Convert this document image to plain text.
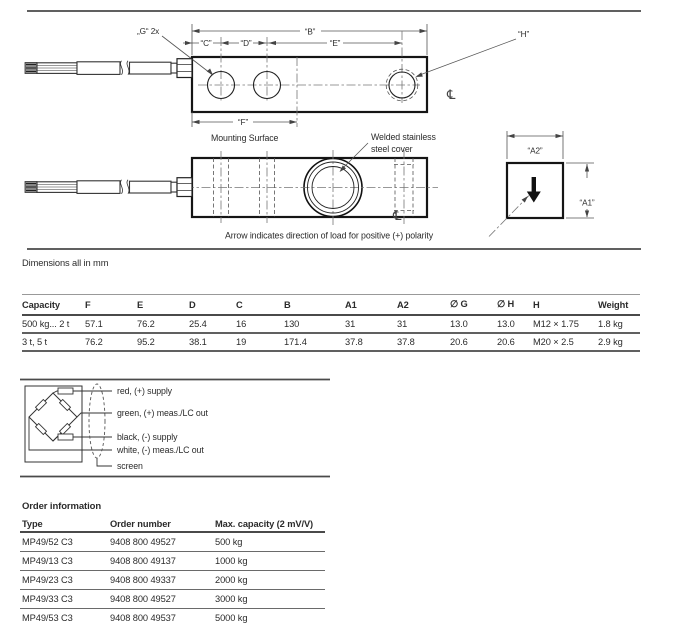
“B”
“C”	“D”	“E”
„G“ 2x	“H”
℄
“F”
Mounting Surface	Welded stainless
steel cover
℄
Arrow indicates direction of load for positive (+) polarity
“A2”
“A1”
Dimensions all in mm
Capacity	F	E	D	C	B	A1	A2	∅ G	∅ H	H	Weight
500 kg... 2 t	57.1	76.2	25.4	16	130	31	31	13.0	13.0	M12 × 1.75	1.8 kg
3 t, 5 t	76.2	95.2	38.1	19	171.4	37.8	37.8	20.6	20.6	M20 × 2.5	2.9 kg
red, (+) supply
green, (+) meas./LC out
black, (-) supply
white, (-) meas./LC out
screen
Order information
Type	Order number	Max. capacity (2 mV/V)
MP49/52 C3	9408 800 49527	500 kg
MP49/13 C3	9408 800 49137	1000 kg
MP49/23 C3	9408 800 49337	2000 kg
MP49/33 C3	9408 800 49527	3000 kg
MP49/53 C3	9408 800 49537	5000 kg
